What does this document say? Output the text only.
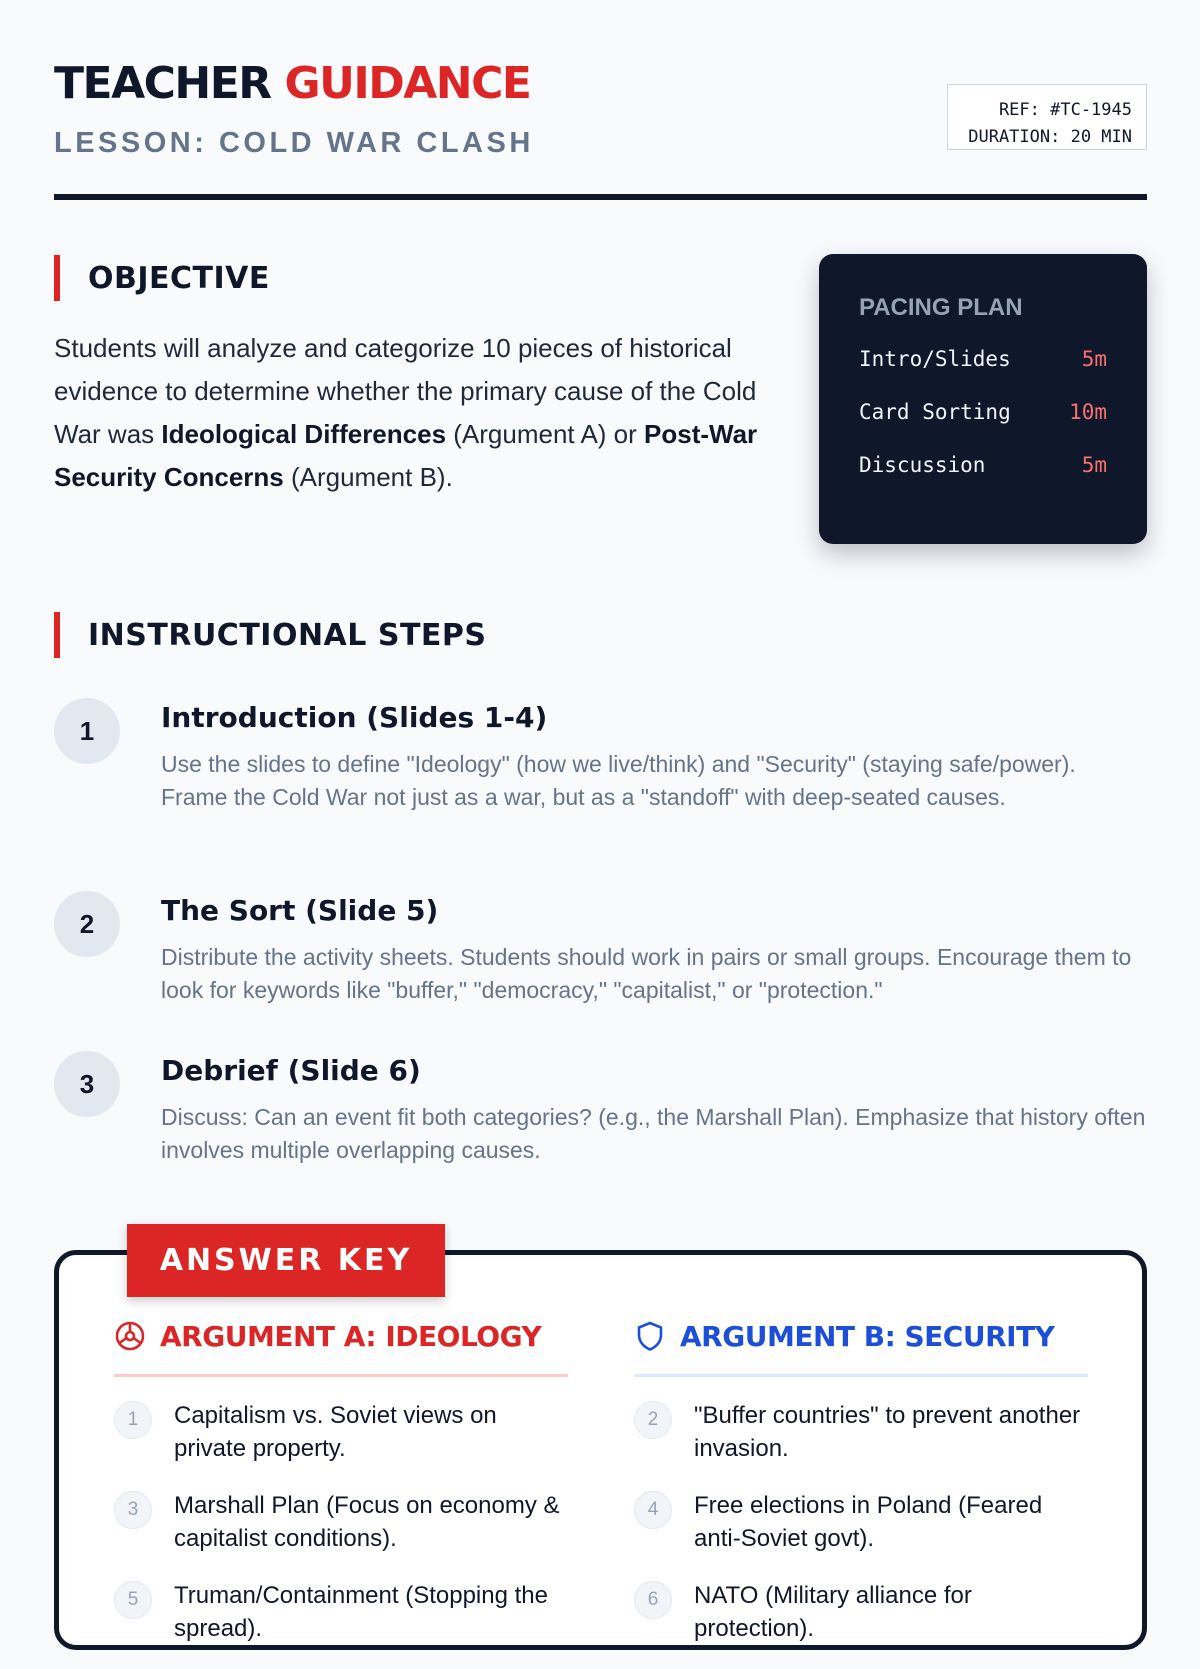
TEACHER GUIDANCE
LESSON: COLD WAR CLASH
REF: #TC-1945
DURATION: 20 MIN
OBJECTIVE

Students will analyze and categorize 10 pieces of historical evidence to determine whether the primary cause of the Cold War was Ideological Differences (Argument A) or Post-War Security Concerns (Argument B).

PACING PLAN
Intro/Slides	5m
Card Sorting	10m
Discussion	5m
INSTRUCTIONAL STEPS
1	Introduction (Slides 1-4)

Use the slides to define "Ideology" (how we live/think) and "Security" (staying safe/power). Frame the Cold War not just as a war, but as a "standoff" with deep-seated causes.

2	The Sort (Slide 5)

Distribute the activity sheets. Students should work in pairs or small groups. Encourage them to look for keywords like "buffer," "democracy," "capitalist," or "protection."

3	Debrief (Slide 6)

Discuss: Can an event fit both categories? (e.g., the Marshall Plan). Emphasize that history often involves multiple overlapping causes.

ANSWER KEY
ARGUMENT A: IDEOLOGY
1	Capitalism vs. Soviet views on private property.
3	Marshall Plan (Focus on economy & capitalist conditions).
5	Truman/Containment (Stopping the spread).
ARGUMENT B: SECURITY
2	"Buffer countries" to prevent another invasion.
4	Free elections in Poland (Feared anti-Soviet govt).
6	NATO (Military alliance for protection).
